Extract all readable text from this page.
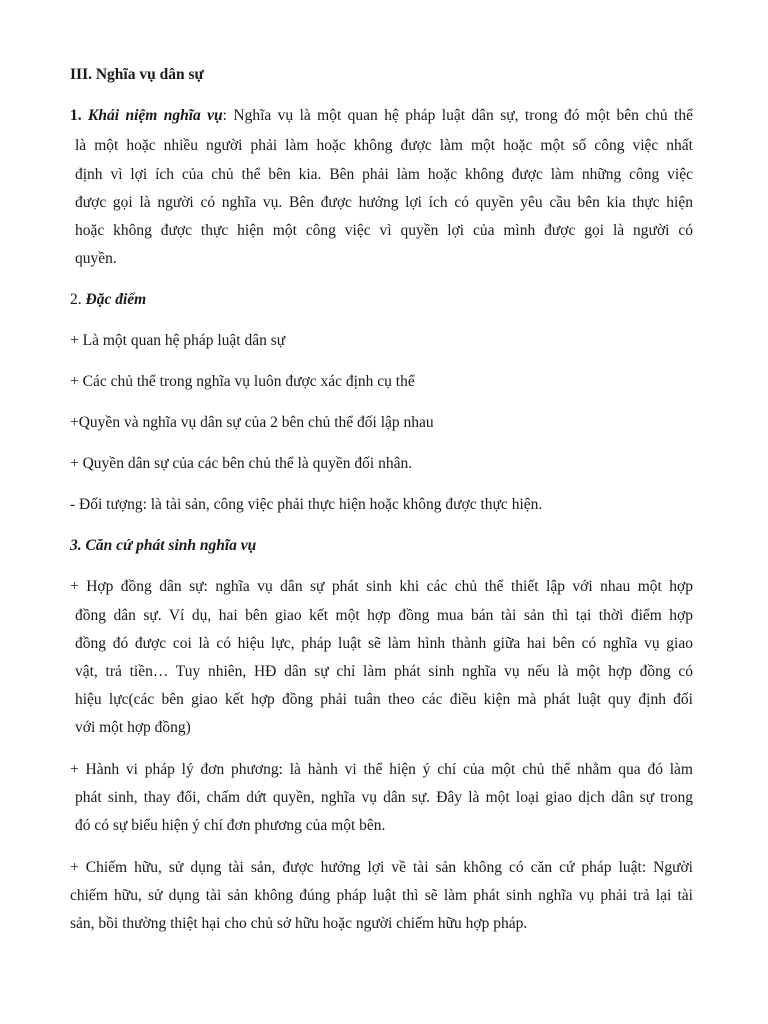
III. Nghĩa vụ dân sự
1. Khái niệm nghĩa vụ: Nghĩa vụ là một quan hệ pháp luật dân sự, trong đó một bên chủ thể
là một hoặc nhiều người phải làm hoặc không được làm một hoặc một số công việc nhất
định vì lợi ích của chủ thể bên kia. Bên phải làm hoặc không được làm những công việc
được gọi là người có nghĩa vụ. Bên được hưởng lợi ích có quyền yêu cầu bên kia thực hiện
hoặc không được thực hiện một công việc vì quyền lợi của mình được gọi là người có
quyền.
2. Đặc điểm
+ Là một quan hệ pháp luật dân sự
+ Các chủ thể trong nghĩa vụ luôn được xác định cụ thể
+Quyền và nghĩa vụ dân sự của 2 bên chủ thể đối lập nhau
+ Quyền dân sự của các bên chủ thể là quyền đối nhân.
- Đối tượng: là tài sản, công việc phải thực hiện hoặc không được thực hiện.
3. Căn cứ phát sinh nghĩa vụ
+ Hợp đồng dân sự: nghĩa vụ dân sự phát sinh khi các chủ thể thiết lập với nhau một hợp
đồng dân sự. Ví dụ, hai bên giao kết một hợp đồng mua bán tài sản thì tại thời điểm hợp
đồng đó được coi là có hiệu lực, pháp luật sẽ làm hình thành giữa hai bên có nghĩa vụ giao
vật, trả tiền… Tuy nhiên, HĐ dân sự chỉ làm phát sinh nghĩa vụ nếu là một hợp đồng có
hiệu lực(các bên giao kết hợp đồng phải tuân theo các điều kiện mà phát luật quy định đối
với một hợp đồng)
+ Hành vi pháp lý đơn phương: là hành vi thể hiện ý chí của một chủ thể nhằm qua đó làm
phát sinh, thay đổi, chấm dứt quyền, nghĩa vụ dân sự. Đây là một loại giao dịch dân sự trong
đó có sự biểu hiện ý chí đơn phương của một bên.
+ Chiếm hữu, sử dụng tài sản, được hưởng lợi về tài sản không có căn cứ pháp luật: Người
chiếm hữu, sử dụng tài sản không đúng pháp luật thì sẽ làm phát sinh nghĩa vụ phải trả lại tài
sản, bồi thường thiệt hại cho chủ sở hữu hoặc người chiếm hữu hợp pháp.
